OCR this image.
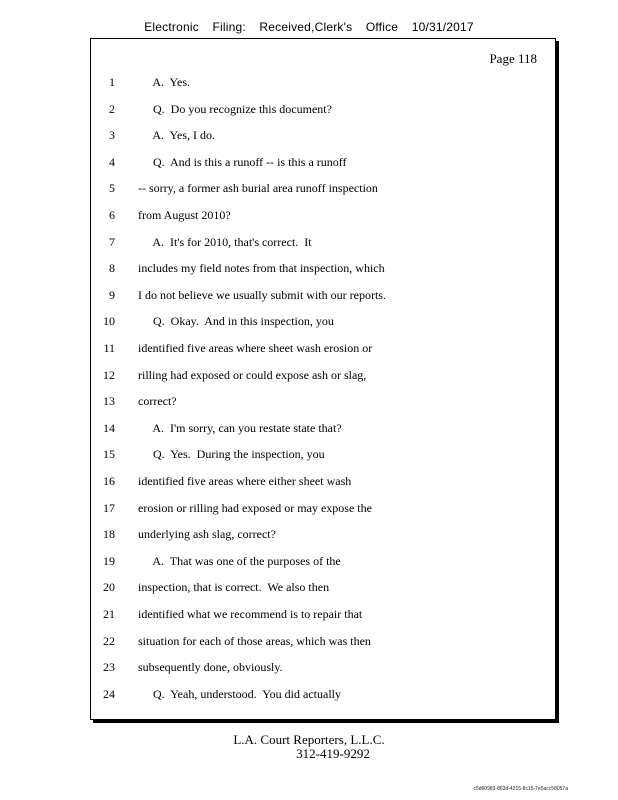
Electronic Filing: Received,Clerk's Office 10/31/2017
Page 118
1 A.  Yes.
2 Q.  Do you recognize this document?
3 A.  Yes, I do.
4 Q.  And is this a runoff -- is this a runoff
5 -- sorry, a former ash burial area runoff inspection
6 from August 2010?
7 A.  It's for 2010, that's correct.  It
8 includes my field notes from that inspection, which
9 I do not believe we usually submit with our reports.
10 Q.  Okay.  And in this inspection, you
11 identified five areas where sheet wash erosion or
12 rilling had exposed or could expose ash or slag,
13 correct?
14 A.  I'm sorry, can you restate state that?
15 Q.  Yes.  During the inspection, you
16 identified five areas where either sheet wash
17 erosion or rilling had exposed or may expose the
18 underlying ash slag, correct?
19 A.  That was one of the purposes of the
20 inspection, that is correct.  We also then
21 identified what we recommend is to repair that
22 situation for each of those areas, which was then
23 subsequently done, obviously.
24 Q.  Yeah, understood.  You did actually
L.A. Court Reporters, L.L.C.
312-419-9292
c5d60983-863d-4315-8c15-7e5acc58057a
